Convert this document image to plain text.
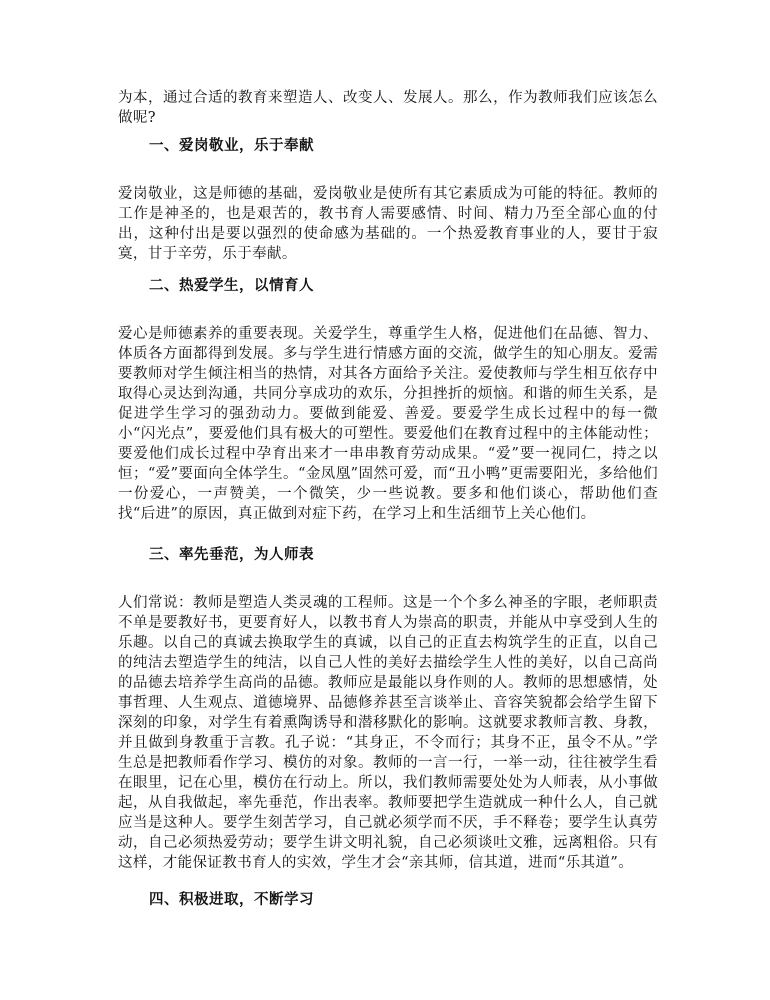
为本，通过合适的教育来塑造人、改变人、发展人。那么，作为教师我们应该怎么做呢?

一、爱岗敬业，乐于奉献

爱岗敬业，这是师德的基础，爱岗敬业是使所有其它素质成为可能的特征。教师的工作是神圣的，也是艰苦的，教书育人需要感情、时间、精力乃至全部心血的付出，这种付出是要以强烈的使命感为基础的。一个热爱教育事业的人，要甘于寂寞，甘于辛劳，乐于奉献。

二、热爱学生，以情育人

爱心是师德素养的重要表现。关爱学生，尊重学生人格，促进他们在品德、智力、体质各方面都得到发展。多与学生进行情感方面的交流，做学生的知心朋友。爱需要教师对学生倾注相当的热情，对其各方面给予关注。爱使教师与学生相互依存中取得心灵达到沟通，共同分享成功的欢乐，分担挫折的烦恼。和谐的师生关系，是促进学生学习的强劲动力。要做到能爱、善爱。要爱学生成长过程中的每一微小“闪光点”，要爱他们具有极大的可塑性。要爱他们在教育过程中的主体能动性；要爱他们成长过程中孕育出来才一串串教育劳动成果。“爱”要一视同仁，持之以恒；“爱”要面向全体学生。“金凤凰”固然可爱，而“丑小鸭”更需要阳光，多给他们一份爱心，一声赞美，一个微笑，少一些说教。要多和他们谈心，帮助他们查找“后进”的原因，真正做到对症下药，在学习上和生活细节上关心他们。

三、率先垂范，为人师表

人们常说：教师是塑造人类灵魂的工程师。这是一个个多么神圣的字眼，老师职责不单是要教好书，更要育好人，以教书育人为崇高的职责，并能从中享受到人生的乐趣。以自己的真诚去换取学生的真诚，以自己的正直去构筑学生的正直，以自己的纯洁去塑造学生的纯洁，以自己人性的美好去描绘学生人性的美好，以自己高尚的品德去培养学生高尚的品德。教师应是最能以身作则的人。教师的思想感情，处事哲理、人生观点、道德境界、品德修养甚至言谈举止、音容笑貌都会给学生留下深刻的印象，对学生有着熏陶诱导和潜移默化的影响。这就要求教师言教、身教，并且做到身教重于言教。孔子说：“其身正，不令而行；其身不正，虽令不从。”学生总是把教师看作学习、模仿的对象。教师的一言一行，一举一动，往往被学生看在眼里，记在心里，模仿在行动上。所以，我们教师需要处处为人师表，从小事做起，从自我做起，率先垂范，作出表率。教师要把学生造就成一种什么人，自己就应当是这种人。要学生刻苦学习，自己就必须学而不厌，手不释卷；要学生认真劳动，自己必须热爱劳动；要学生讲文明礼貌，自己必须谈吐文雅，远离粗俗。只有这样，才能保证教书育人的实效，学生才会“亲其师，信其道，进而“乐其道”。

四、积极进取，不断学习
